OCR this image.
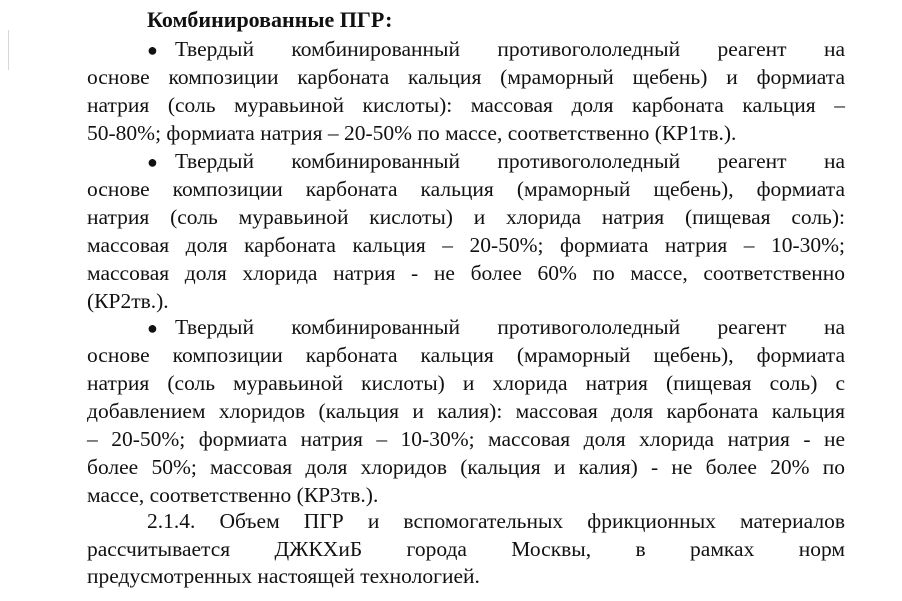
Комбинированные ПГР:
● Твердый комбинированный противогололедный реагент на
основе композиции карбоната кальция (мраморный щебень) и формиата
натрия (соль муравьиной кислоты): массовая доля карбоната кальция –
50-80%; формиата натрия – 20-50% по массе, соответственно (КР1тв.).
● Твердый комбинированный противогололедный реагент на
основе композиции карбоната кальция (мраморный щебень), формиата
натрия (соль муравьиной кислоты) и хлорида натрия (пищевая соль):
массовая доля карбоната кальция – 20-50%; формиата натрия – 10-30%;
массовая доля хлорида натрия - не более 60% по массе, соответственно
(КР2тв.).
● Твердый комбинированный противогололедный реагент на
основе композиции карбоната кальция (мраморный щебень), формиата
натрия (соль муравьиной кислоты) и хлорида натрия (пищевая соль) с
добавлением хлоридов (кальция и калия): массовая доля карбоната кальция
– 20-50%; формиата натрия – 10-30%; массовая доля хлорида натрия - не
более 50%; массовая доля хлоридов (кальция и калия) - не более 20% по
массе, соответственно (КР3тв.).
2.1.4. Объем ПГР и вспомогательных фрикционных материалов
рассчитывается ДЖКХиБ города Москвы, в рамках норм
предусмотренных настоящей технологией.
